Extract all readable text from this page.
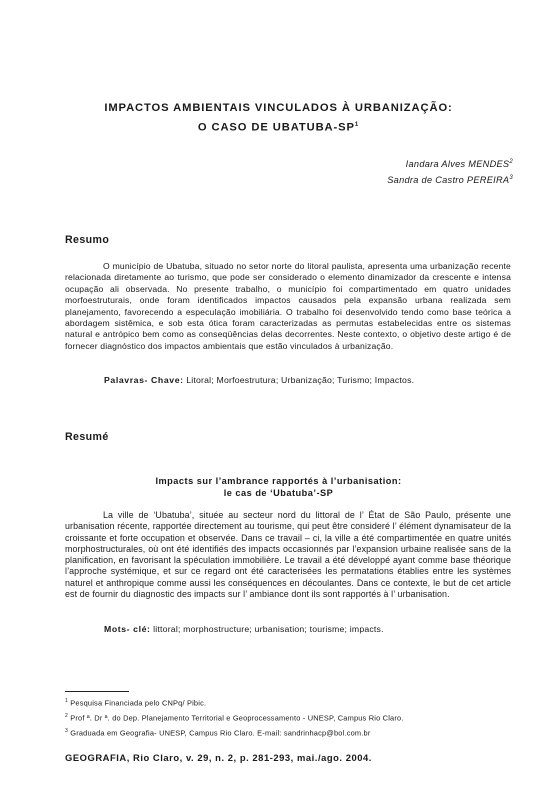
IMPACTOS AMBIENTAIS VINCULADOS À URBANIZAÇÃO:
O CASO DE UBATUBA-$SP^1$
Iandara Alves MENDES$^2$
Sandra de Castro PEREIRA$^3$
Resumo
O município de Ubatuba, situado no setor norte do litoral paulista, apresenta uma urbanização recente relacionada diretamente ao turismo, que pode ser considerado o elemento dinamizador da crescente e intensa ocupação ali observada. No presente trabalho, o município foi compartimentado em quatro unidades morfoestruturais, onde foram identificados impactos causados pela expansão urbana realizada sem planejamento, favorecendo a especulação imobiliária. O trabalho foi desenvolvido tendo como base teórica a abordagem sistêmica, e sob esta ótica foram caracterizadas as permutas estabelecidas entre os sistemas natural e antrópico bem como as conseqüências delas decorrentes. Neste contexto, o objetivo deste artigo é de fornecer diagnóstico dos impactos ambientais que estão vinculados à urbanização.
Palavras- Chave: Litoral; Morfoestrutura; Urbanização; Turismo; Impactos.
Resumé
Impacts sur l’ambrance rapportés à l’urbanisation:
le cas de ‘Ubatuba’-SP
La ville de ‘Ubatuba’, située au secteur nord du littoral de l’ État de São Paulo, présente une urbanisation récente, rapportée directement au tourisme, qui peut être consideré l’ élément dynamisateur de la croissante et forte occupation et observée. Dans ce travail – ci, la ville a été compartimentée en quatre unités morphostructurales, où ont été identifiés des impacts occasionnés par l’expansion urbaine realisée sans de la planification, en favorisant la spéculation immobilière. Le travail a été développé ayant comme base théorique l’approche systémique, et sur ce regard ont été caracterisées les permatations établies entre les systèmes naturel et anthropique comme aussi les conséquences en découlantes. Dans ce contexte, le but de cet article est de fournir du diagnostic des impacts sur l’ ambiance dont ils sont rapportés à l’ urbanisation.
Mots- clé: littoral; morphostructure; urbanisation; tourisme; impacts.
$^1$ Pesquisa Financiada pelo CNPq/ Pibic.
$^2$ Prof ª. Dr ª. do Dep. Planejamento Territorial e Geoprocessamento - UNESP, Campus Rio Claro.
$^3$ Graduada em Geografia- UNESP, Campus Rio Claro. E-mail: sandrinhacp@bol.com.br
GEOGRAFIA, Rio Claro, v. 29, n. 2, p. 281-293, mai./ago. 2004.
